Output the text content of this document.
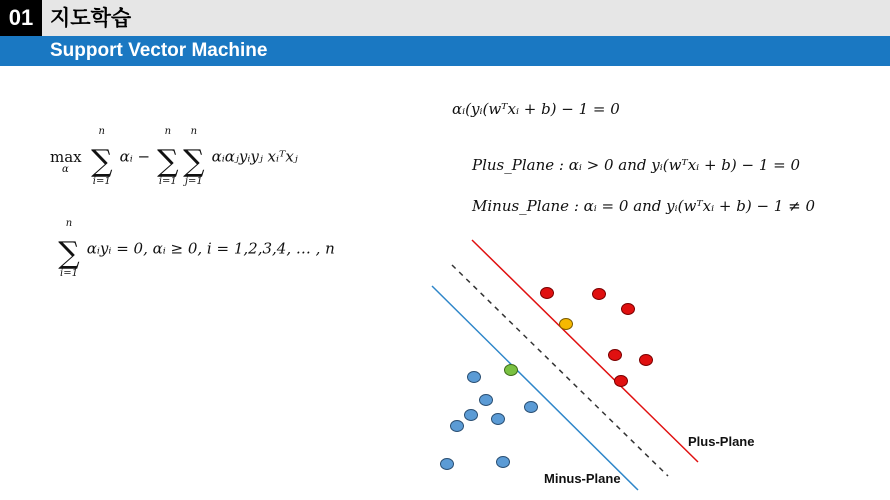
01 지도학습
Support Vector Machine
max
α

n
∑
i=1
αᵢ −
n
∑
i=1
n
∑
j=1
αᵢαⱼyᵢyⱼ xᵢᵀxⱼ
n
∑
i=1
αᵢyᵢ = 0, αᵢ ≥ 0, i = 1,2,3,4, … , n
αᵢ(yᵢ(wᵀxᵢ + b) − 1 = 0
Plus_Plane : αᵢ > 0 and yᵢ(wᵀxᵢ + b) − 1 = 0
Minus_Plane : αᵢ = 0 and yᵢ(wᵀxᵢ + b) − 1 ≠ 0
Plus-Plane
Minus-Plane
